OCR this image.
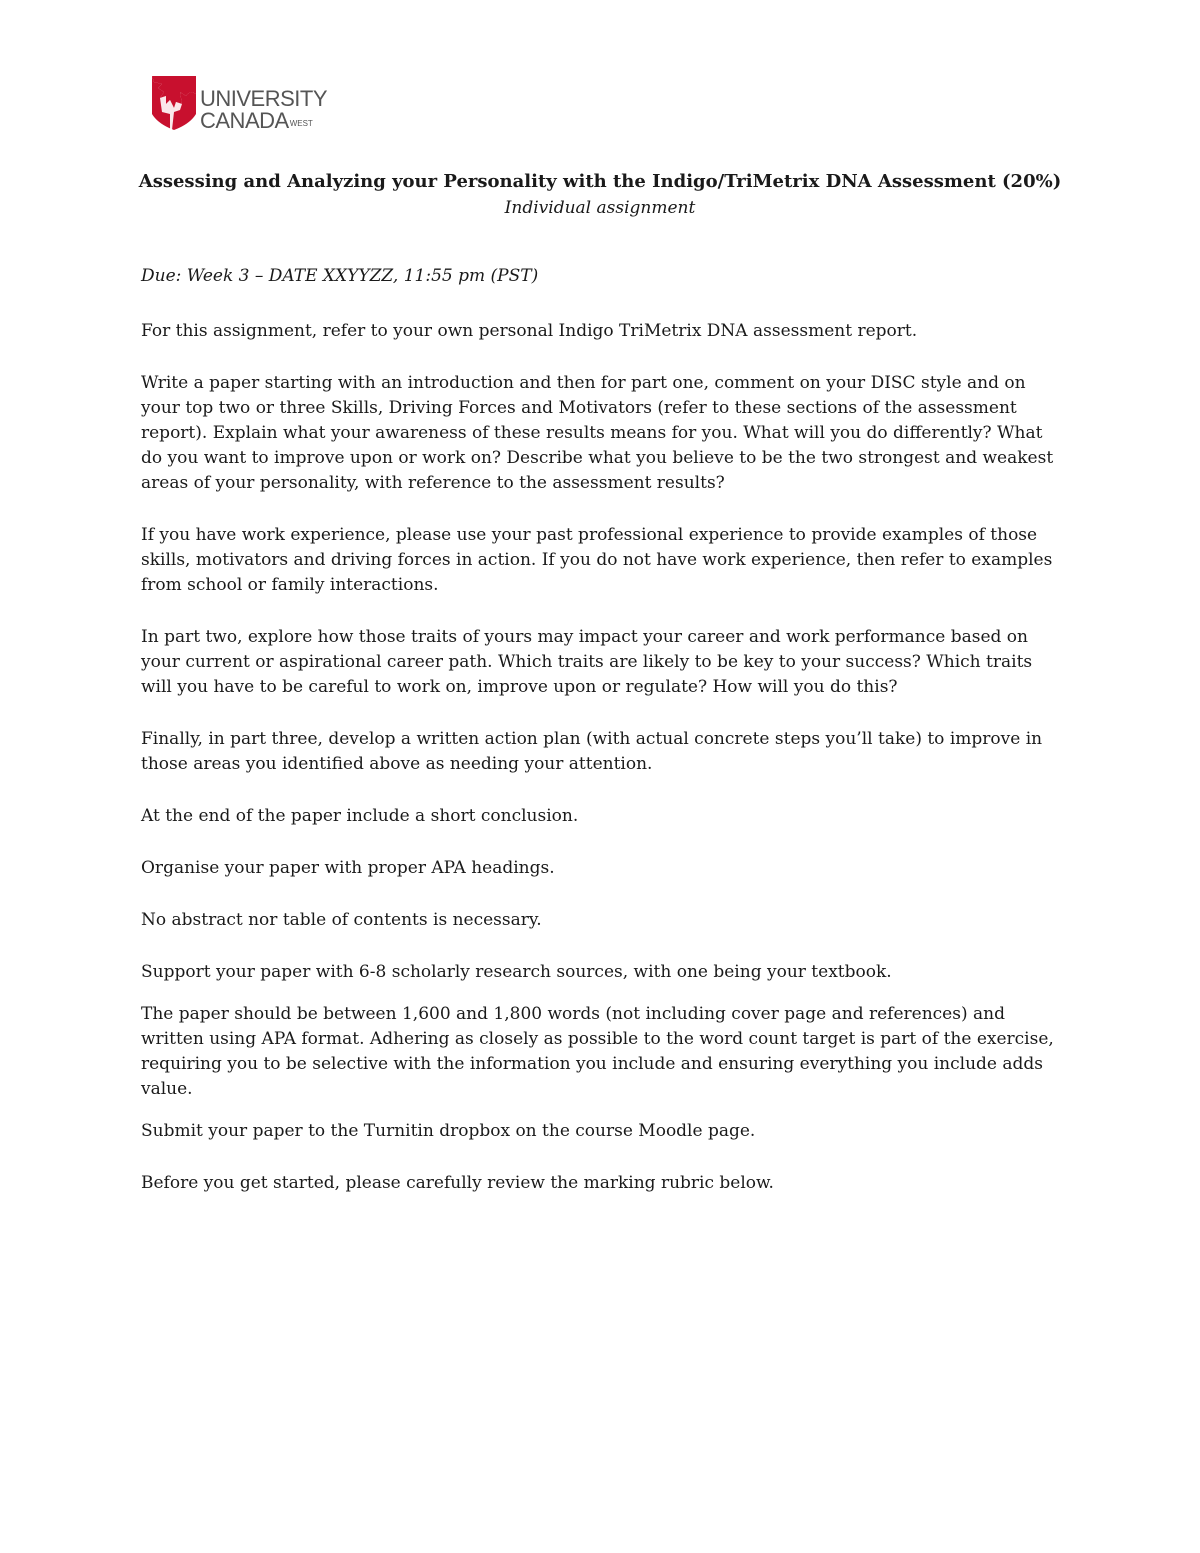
UNIVERSITY
$CANADA^{WEST}$

Assessing and Analyzing your Personality with the Indigo/TriMetrix DNA Assessment (20%)

Individual assignment

Due: Week 3 – DATE XXYYZZ, 11:55 pm (PST)

For this assignment, refer to your own personal Indigo TriMetrix DNA assessment report.

Write a paper starting with an introduction and then for part one, comment on your DISC style and on your top two or three Skills, Driving Forces and Motivators (refer to these sections of the assessment report). Explain what your awareness of these results means for you. What will you do differently? What do you want to improve upon or work on? Describe what you believe to be the two strongest and weakest areas of your personality, with reference to the assessment results?

If you have work experience, please use your past professional experience to provide examples of those skills, motivators and driving forces in action. If you do not have work experience, then refer to examples from school or family interactions.

In part two, explore how those traits of yours may impact your career and work performance based on your current or aspirational career path. Which traits are likely to be key to your success? Which traits will you have to be careful to work on, improve upon or regulate? How will you do this?

Finally, in part three, develop a written action plan (with actual concrete steps you’ll take) to improve in those areas you identified above as needing your attention.

At the end of the paper include a short conclusion.

Organise your paper with proper APA headings.

No abstract nor table of contents is necessary.

Support your paper with 6-8 scholarly research sources, with one being your textbook.

The paper should be between 1,600 and 1,800 words (not including cover page and references) and written using APA format. Adhering as closely as possible to the word count target is part of the exercise, requiring you to be selective with the information you include and ensuring everything you include adds value.

Submit your paper to the Turnitin dropbox on the course Moodle page.

Before you get started, please carefully review the marking rubric below.
